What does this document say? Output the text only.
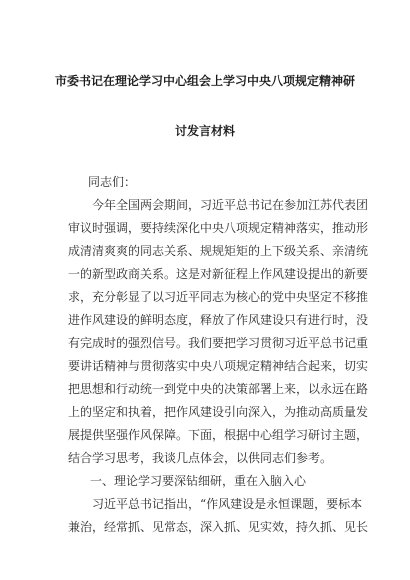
市委书记在理论学习中心组会上学习中央八项规定精神研
讨发言材料
同志们：
今年全国两会期间，习近平总书记在参加江苏代表团
审议时强调，要持续深化中央八项规定精神落实，推动形
成清清爽爽的同志关系、规规矩矩的上下级关系、亲清统
一的新型政商关系。这是对新征程上作风建设提出的新要
求，充分彰显了以习近平同志为核心的党中央坚定不移推
进作风建设的鲜明态度，释放了作风建设只有进行时，没
有完成时的强烈信号。我们要把学习贯彻习近平总书记重
要讲话精神与贯彻落实中央八项规定精神结合起来，切实
把思想和行动统一到党中央的决策部署上来，以永远在路
上的坚定和执着，把作风建设引向深入，为推动高质量发
展提供坚强作风保障。下面，根据中心组学习研讨主题，
结合学习思考，我谈几点体会，以供同志们参考。
一、理论学习要深钻细研，重在入脑入心
习近平总书记指出，“作风建设是永恒课题，要标本
兼治，经常抓、见常态，深入抓、见实效，持久抓、见长
